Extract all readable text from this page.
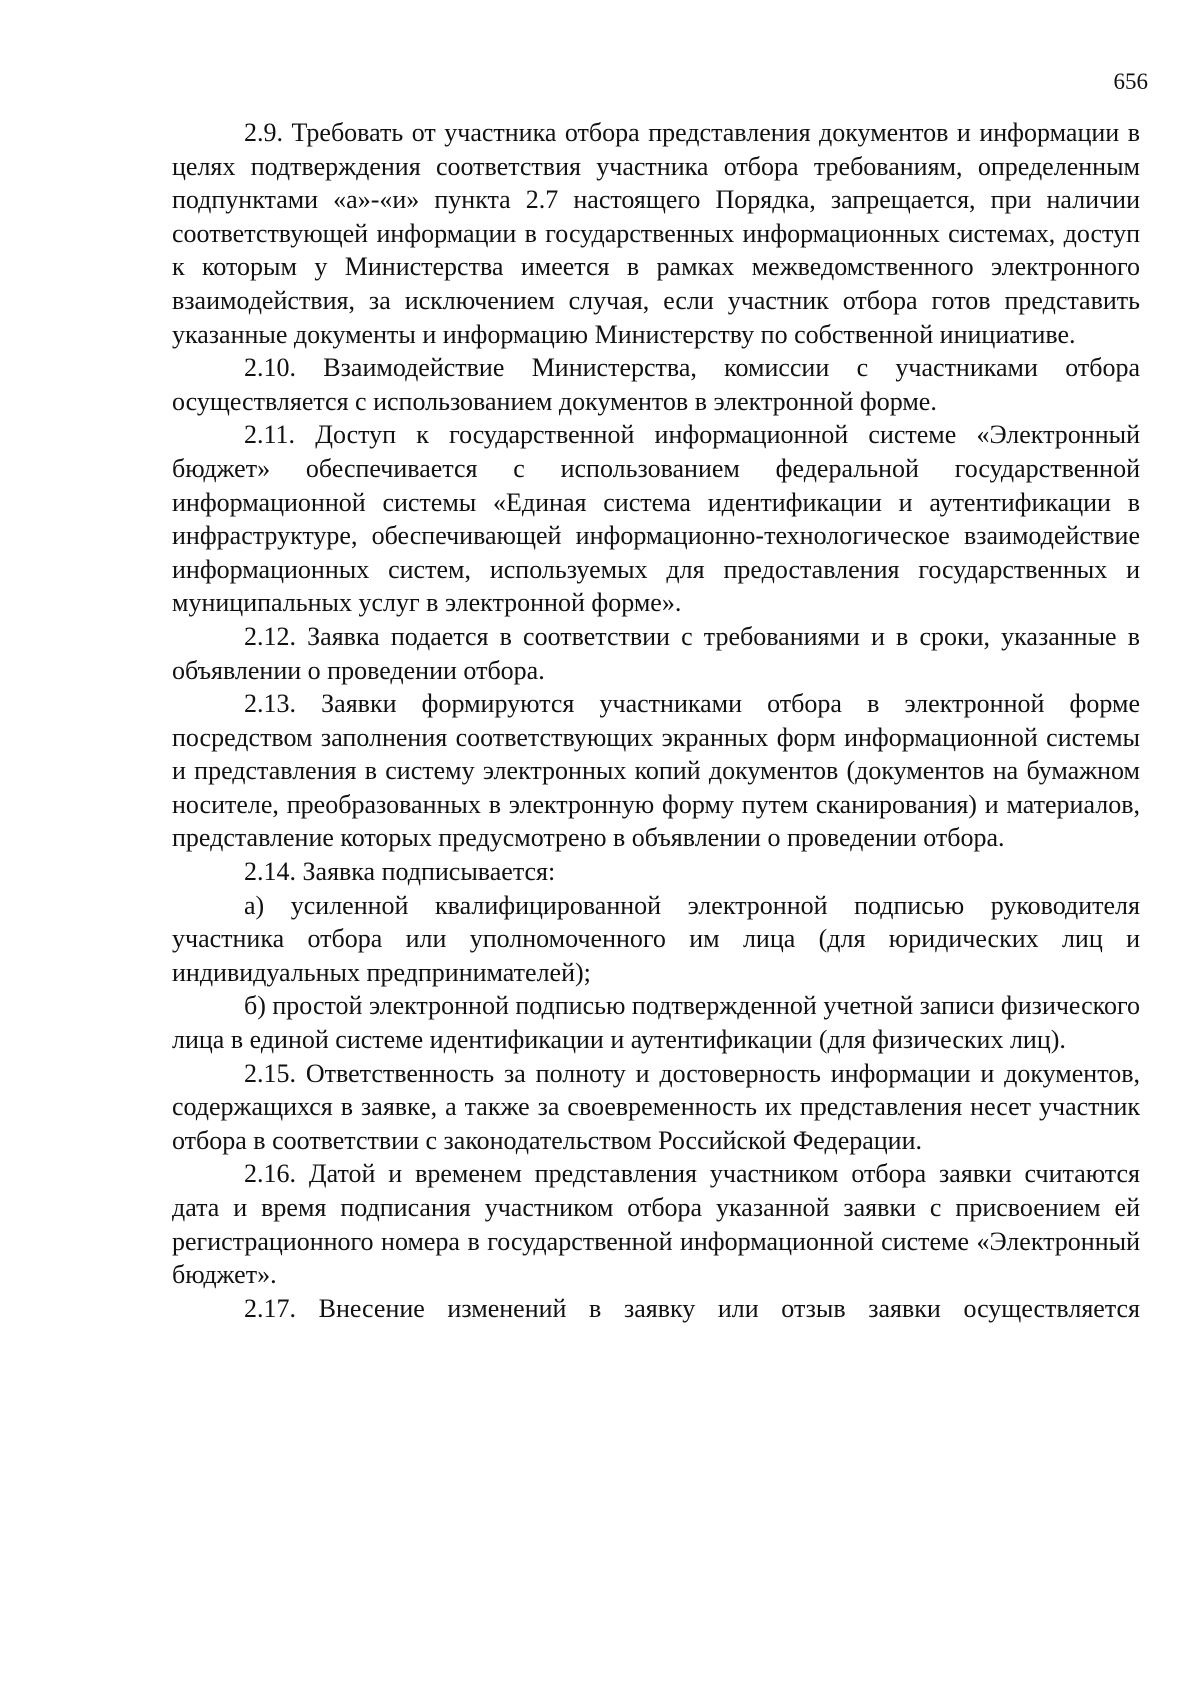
656

2.9. Требовать от участника отбора представления документов и информации в целях подтверждения соответствия участника отбора требованиям, определенным подпунктами «а»-«и» пункта 2.7 настоящего Порядка, запрещается, при наличии соответствующей информации в государственных информационных системах, доступ к которым у Министерства имеется в рамках межведомственного электронного взаимодействия, за исключением случая, если участник отбора готов представить указанные документы и информацию Министерству по собственной инициативе.

2.10. Взаимодействие Министерства, комиссии с участниками отбора осуществляется с использованием документов в электронной форме.

2.11. Доступ к государственной информационной системе «Электронный бюджет» обеспечивается с использованием федеральной государственной информационной системы «Единая система идентификации и аутентификации в инфраструктуре, обеспечивающей информационно-технологическое взаимодействие информационных систем, используемых для предоставления государственных и муниципальных услуг в электронной форме».

2.12. Заявка подается в соответствии с требованиями и в сроки, указанные в объявлении о проведении отбора.

2.13. Заявки формируются участниками отбора в электронной форме посредством заполнения соответствующих экранных форм информационной системы и представления в систему электронных копий документов (документов на бумажном носителе, преобразованных в электронную форму путем сканирования) и материалов, представление которых предусмотрено в объявлении о проведении отбора.

2.14. Заявка подписывается:

а) усиленной квалифицированной электронной подписью руководителя участника отбора или уполномоченного им лица (для юридических лиц и индивидуальных предпринимателей);

б) простой электронной подписью подтвержденной учетной записи физического лица в единой системе идентификации и аутентификации (для физических лиц).

2.15. Ответственность за полноту и достоверность информации и документов, содержащихся в заявке, а также за своевременность их представления несет участник отбора в соответствии с законодательством Российской Федерации.

2.16. Датой и временем представления участником отбора заявки считаются дата и время подписания участником отбора указанной заявки с присвоением ей регистрационного номера в государственной информационной системе «Электронный бюджет».

2.17. Внесение изменений в заявку или отзыв заявки осуществляется
